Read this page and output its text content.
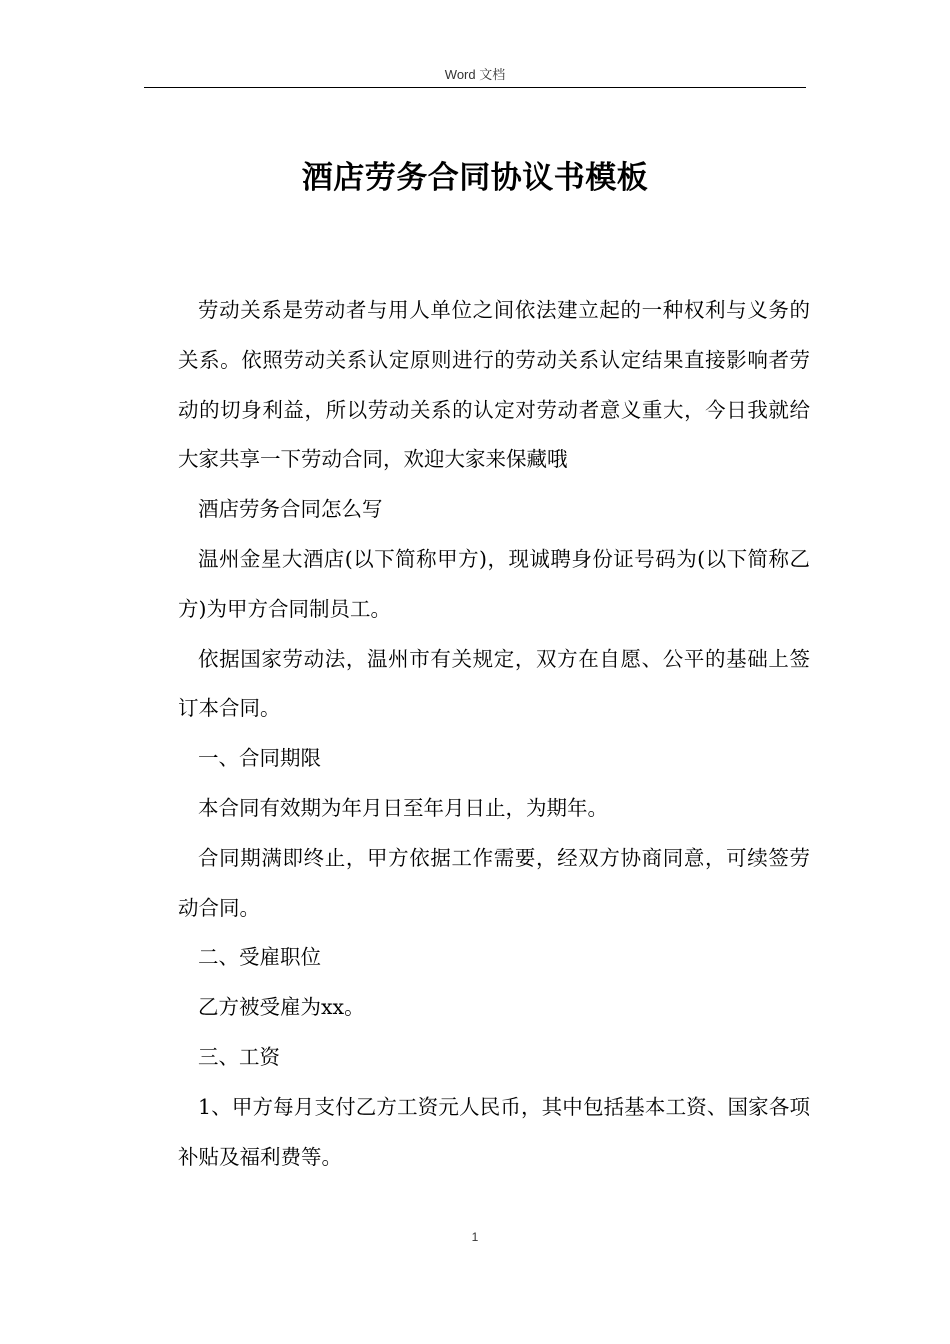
Word 文档
酒店劳务合同协议书模板

劳动关系是劳动者与用人单位之间依法建立起的一种权利与义务的关系。依照劳动关系认定原则进行的劳动关系认定结果直接影响者劳动的切身利益，所以劳动关系的认定对劳动者意义重大，今日我就给大家共享一下劳动合同，欢迎大家来保藏哦

酒店劳务合同怎么写

温州金星大酒店(以下简称甲方)，现诚聘身份证号码为(以下简称乙方)为甲方合同制员工。

依据国家劳动法，温州市有关规定，双方在自愿、公平的基础上签订本合同。

一、合同期限

本合同有效期为年月日至年月日止，为期年。

合同期满即终止，甲方依据工作需要，经双方协商同意，可续签劳动合同。

二、受雇职位

乙方被受雇为xx。

三、工资

1、甲方每月支付乙方工资元人民币，其中包括基本工资、国家各项补贴及福利费等。

1
